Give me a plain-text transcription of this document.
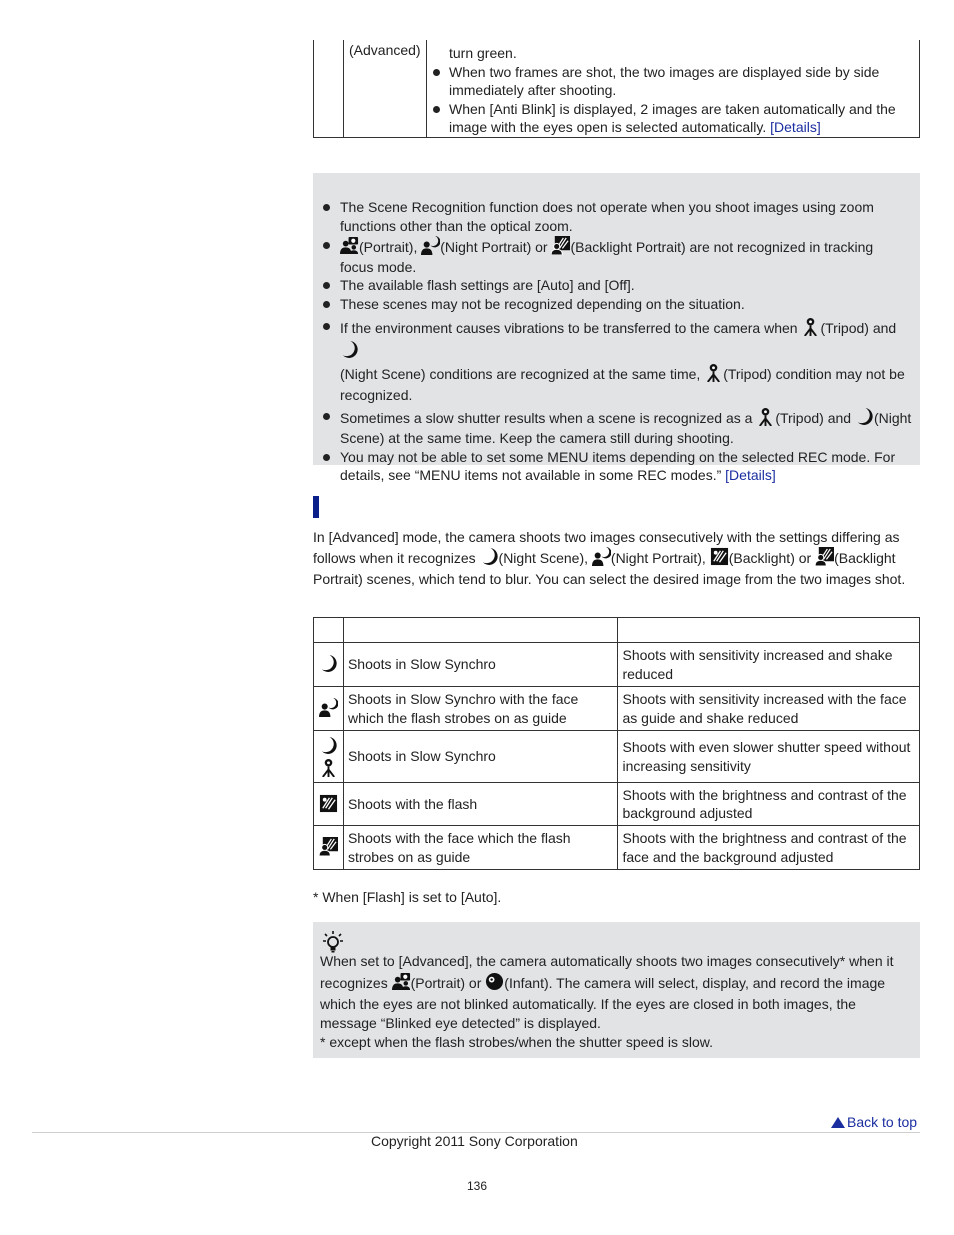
(Advanced)	turn green.
When two frames are shot, the two images are displayed side by side
immediately after shooting.
When [Anti Blink] is displayed, 2 images are taken automatically and the
image with the eyes open is selected automatically. [Details]
The Scene Recognition function does not operate when you shoot images using zoom
functions other than the optical zoom.
(Portrait),
(Night Portrait) or
(Backlight Portrait) are not recognized in tracking
focus mode.
The available flash settings are [Auto] and [Off].
These scenes may not be recognized depending on the situation.
If the environment causes vibrations to be transferred to the camera when
(Tripod) and
(Night Scene) conditions are recognized at the same time,
(Tripod) condition may not be
recognized.
Sometimes a slow shutter results when a scene is recognized as a
(Tripod) and
(Night
Scene) at the same time. Keep the camera still during shooting.
You may not be able to set some MENU items depending on the selected REC mode. For
details, see “MENU items not available in some REC modes.” [Details]
In [Advanced] mode, the camera shoots two images consecutively with the settings differing as
follows when it recognizes
(Night Scene),
(Night Portrait),
(Backlight) or
(Backlight
Portrait) scenes, which tend to blur. You can select the desired image from the two images shot.

	Shoots in Slow Synchro	Shoots with sensitivity increased and shake reduced

	Shoots in Slow Synchro with the face which the flash strobes on as guide	Shoots with sensitivity increased with the face as guide and shake reduced

	Shoots in Slow Synchro	Shoots with even slower shutter speed without increasing sensitivity

	Shoots with the flash	Shoots with the brightness and contrast of the background adjusted

	Shoots with the face which the flash strobes on as guide	Shoots with the brightness and contrast of the face and the background adjusted
* When [Flash] is set to [Auto].
When set to [Advanced], the camera automatically shoots two images consecutively* when it
recognizes
(Portrait) or
(Infant). The camera will select, display, and record the image
which the eyes are not blinked automatically. If the eyes are closed in both images, the
message “Blinked eye detected” is displayed.
* except when the flash strobes/when the shutter speed is slow.
Back to top
Copyright 2011 Sony Corporation
136
